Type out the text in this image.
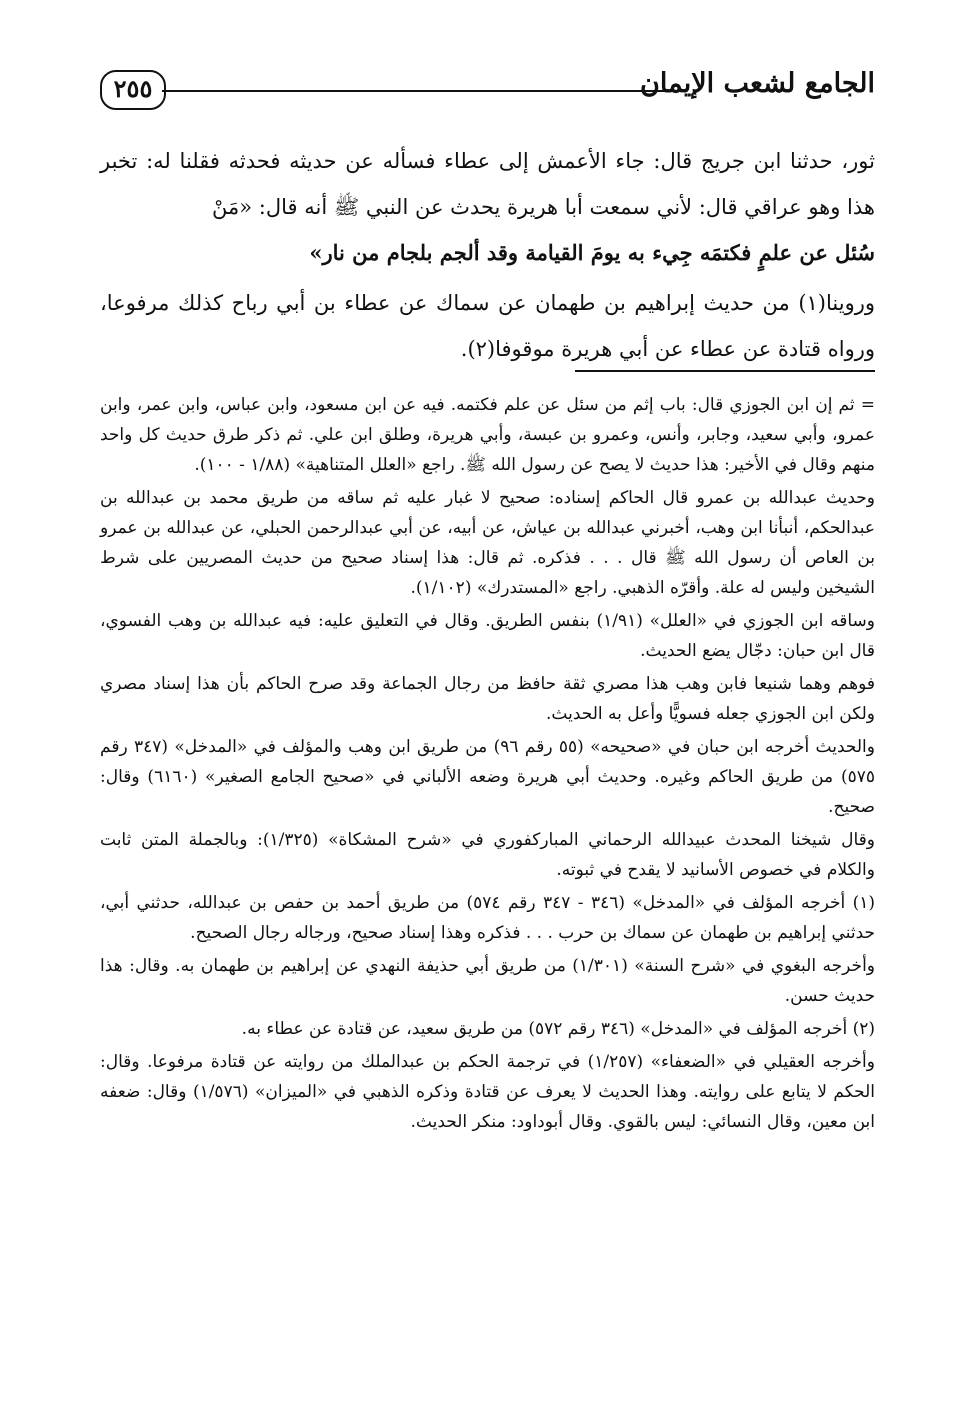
الجامع لشعب الإيمان
٢٥٥

ثور، حدثنا ابن جريج قال: جاء الأعمش إلى عطاء فسأله عن حديثه فحدثه فقلنا له: تخبر هذا وهو عراقي قال: لأني سمعت أبا هريرة يحدث عن النبي ﷺ أنه قال: «مَنْ

سُئل عن علمٍ فكتمَه جِيء به يومَ القيامة وقد ألجم بلجام من نار»

وروينا(١) من حديث إبراهيم بن طهمان عن سماك عن عطاء بن أبي رباح كذلك مرفوعا، ورواه قتادة عن عطاء عن أبي هريرة موقوفا(٢).

= ثم إن ابن الجوزي قال: باب إثم من سئل عن علم فكتمه. فيه عن ابن مسعود، وابن عباس، وابن عمر، وابن عمرو، وأبي سعيد، وجابر، وأنس، وعمرو بن عبسة، وأبي هريرة، وطلق ابن علي. ثم ذكر طرق حديث كل واحد منهم وقال في الأخير: هذا حديث لا يصح عن رسول الله ﷺ. راجع «العلل المتناهية» (١/٨٨ - ١٠٠).

وحديث عبدالله بن عمرو قال الحاكم إسناده: صحيح لا غبار عليه ثم ساقه من طريق محمد بن عبدالله بن عبدالحكم، أنبأنا ابن وهب، أخبرني عبدالله بن عياش، عن أبيه، عن أبي عبدالرحمن الحبلي، عن عبدالله بن عمرو بن العاص أن رسول الله ﷺ قال . . . فذكره. ثم قال: هذا إسناد صحيح من حديث المصريين على شرط الشيخين وليس له علة. وأقرّه الذهبي. راجع «المستدرك» (١/١٠٢).

وساقه ابن الجوزي في «العلل» (١/٩١) بنفس الطريق. وقال في التعليق عليه: فيه عبدالله بن وهب الفسوي، قال ابن حبان: دجّال يضع الحديث.

فوهم وهما شنيعا فابن وهب هذا مصري ثقة حافظ من رجال الجماعة وقد صرح الحاكم بأن هذا إسناد مصري ولكن ابن الجوزي جعله فسويًّا وأعل به الحديث.

والحديث أخرجه ابن حبان في «صحيحه» (٥٥ رقم ٩٦) من طريق ابن وهب والمؤلف في «المدخل» (٣٤٧ رقم ٥٧٥) من طريق الحاكم وغيره. وحديث أبي هريرة وضعه الألباني في «صحيح الجامع الصغير» (٦١٦٠) وقال: صحيح.

وقال شيخنا المحدث عبيدالله الرحماني المباركفوري في «شرح المشكاة» (١/٣٢٥): وبالجملة المتن ثابت والكلام في خصوص الأسانيد لا يقدح في ثبوته.

(١) أخرجه المؤلف في «المدخل» (٣٤٦ - ٣٤٧ رقم ٥٧٤) من طريق أحمد بن حفص بن عبدالله، حدثني أبي، حدثني إبراهيم بن طهمان عن سماك بن حرب . . . فذكره وهذا إسناد صحيح، ورجاله رجال الصحيح.

وأخرجه البغوي في «شرح السنة» (١/٣٠١) من طريق أبي حذيفة النهدي عن إبراهيم بن طهمان به. وقال: هذا حديث حسن.

(٢) أخرجه المؤلف في «المدخل» (٣٤٦ رقم ٥٧٢) من طريق سعيد، عن قتادة عن عطاء به.

وأخرجه العقيلي في «الضعفاء» (١/٢٥٧) في ترجمة الحكم بن عبدالملك من روايته عن قتادة مرفوعا. وقال: الحكم لا يتابع على روايته. وهذا الحديث لا يعرف عن قتادة وذكره الذهبي في «الميزان» (١/٥٧٦) وقال: ضعفه ابن معين، وقال النسائي: ليس بالقوي. وقال أبوداود: منكر الحديث.
